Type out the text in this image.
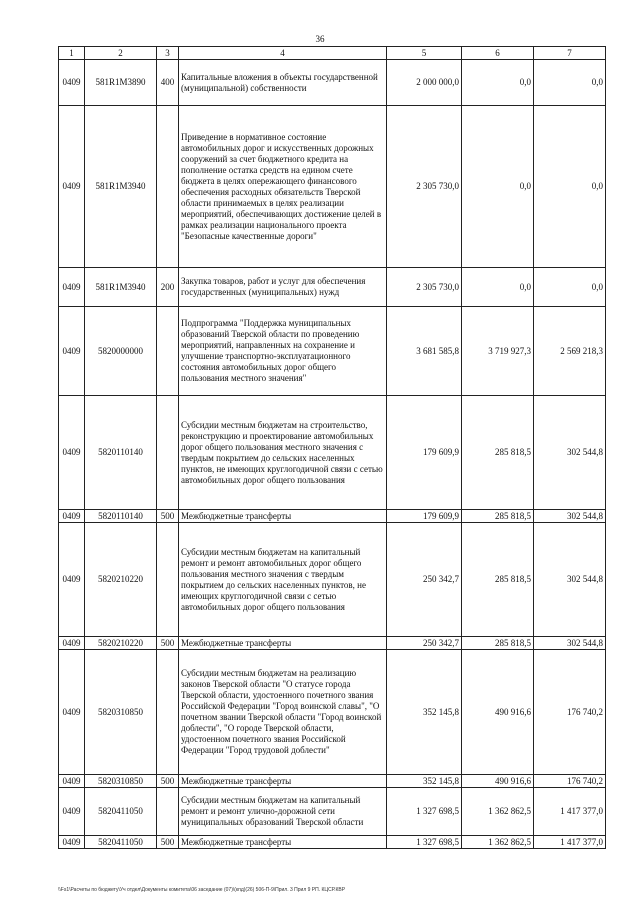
36
1	2	3	4	5	6	7
0409	581R1M3890	400	Капитальные вложения в объекты государственной (муниципальной) собственности	2 000 000,0	0,0	0,0
0409	581R1M3940		Приведение в нормативное состояние автомобильных дорог и искусственных дорожных сооружений за счет бюджетного кредита на пополнение остатка средств на едином счете бюджета в целях опережающего финансового обеспечения расходных обязательств Тверской области принимаемых в целях реализации мероприятий, обеспечивающих достижение целей в рамках реализации национального проекта "Безопасные качественные дороги"	2 305 730,0	0,0	0,0
0409	581R1M3940	200	Закупка товаров, работ и услуг для обеспечения государственных (муниципальных) нужд	2 305 730,0	0,0	0,0
0409	5820000000		Подпрограмма "Поддержка муниципальных образований Тверской области по проведению мероприятий, направленных на сохранение и улучшение транспортно-эксплуатационного состояния автомобильных дорог общего пользования местного значения"	3 681 585,8	3 719 927,3	2 569 218,3
0409	5820110140		Субсидии местным бюджетам на строительство, реконструкцию и проектирование автомобильных дорог общего пользования местного значения с твердым покрытием до сельских населенных пунктов, не имеющих круглогодичной связи с сетью автомобильных дорог общего пользования	179 609,9	285 818,5	302 544,8
0409	5820110140	500	Межбюджетные трансферты	179 609,9	285 818,5	302 544,8
0409	5820210220		Субсидии местным бюджетам на капитальный ремонт и ремонт автомобильных дорог общего пользования местного значения с твердым покрытием до сельских населенных пунктов, не имеющих круглогодичной связи с сетью автомобильных дорог общего пользования	250 342,7	285 818,5	302 544,8
0409	5820210220	500	Межбюджетные трансферты	250 342,7	285 818,5	302 544,8
0409	5820310850		Субсидии местным бюджетам на реализацию законов Тверской области "О статусе города Тверской области, удостоенного почетного звания Российской Федерации "Город воинской славы", "О почетном звании Тверской области "Город воинской доблести", "О городе Тверской области, удостоенном почетного звания Российской Федерации "Город трудовой доблести"	352 145,8	490 916,6	176 740,2
0409	5820310850	500	Межбюджетные трансферты	352 145,8	490 916,6	176 740,2
0409	5820411050		Субсидии местным бюджетам на капитальный ремонт и ремонт улично-дорожной сети муниципальных образований Тверской области	1 327 698,5	1 362 862,5	1 417 377,0
0409	5820411050	500	Межбюджетные трансферты	1 327 698,5	1 362 862,5	1 417 377,0
\\Fs1\Расчеты по бюджету\Уч отдел\Документы комитета\06 заседание (07)\(кпд)(26) 506-П-9\Прил. 3 Прил 9 РП. КЦСР.КВР
